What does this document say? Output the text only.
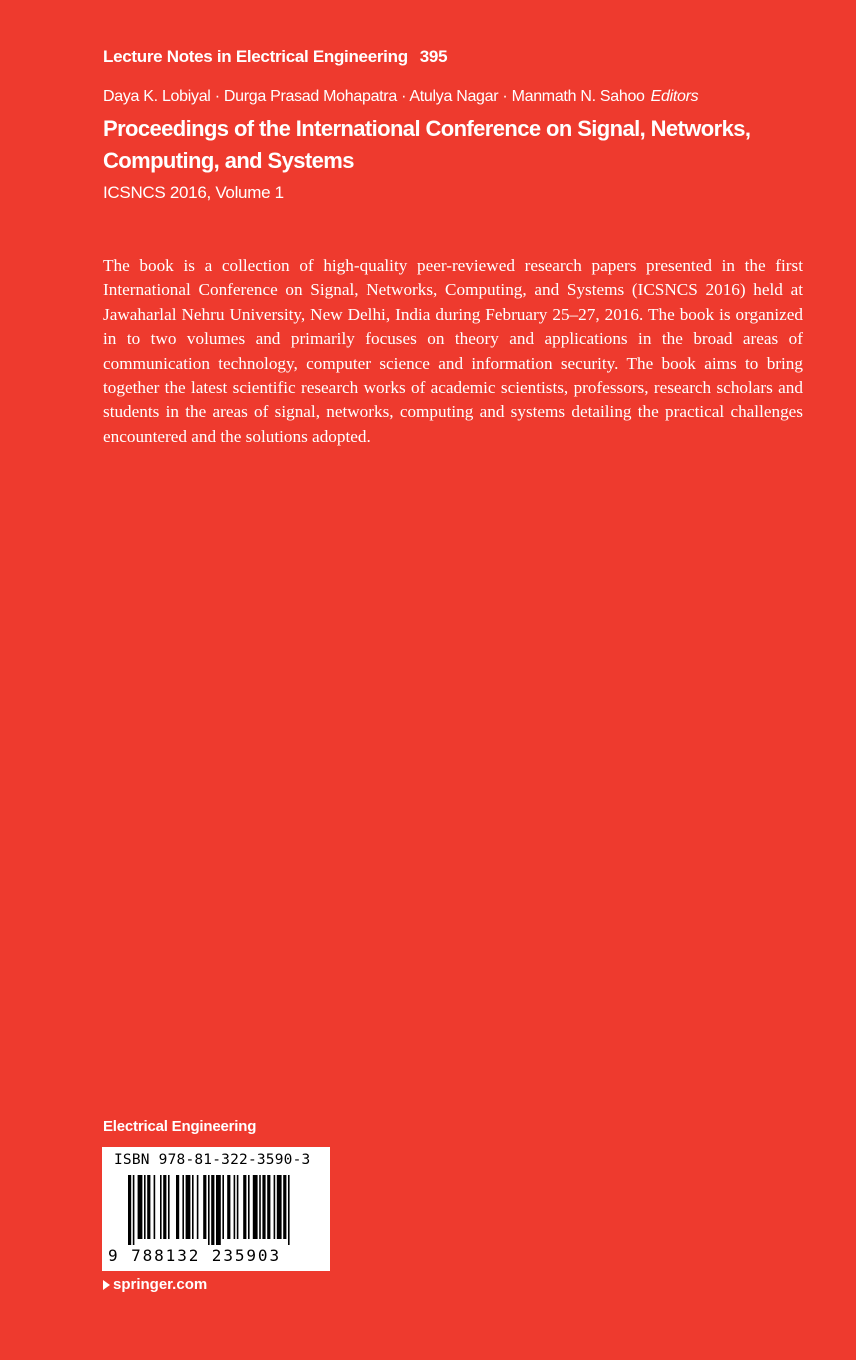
Lecture Notes in Electrical Engineering 395
Daya K. Lobiyal · Durga Prasad Mohapatra · Atulya Nagar · Manmath N. Sahoo Editors
Proceedings of the International Conference on Signal, Networks, Computing, and Systems
ICSNCS 2016, Volume 1
The book is a collection of high-quality peer-reviewed research papers presented in the first International Conference on Signal, Networks, Computing, and Systems (ICSNCS 2016) held at Jawaharlal Nehru University, New Delhi, India during February 25–27, 2016. The book is organized in to two volumes and primarily focuses on theory and applications in the broad areas of communication technology, computer science and information security. The book aims to bring together the latest scientific research works of academic scientists, professors, research scholars and students in the areas of signal, networks, computing and systems detailing the practical challenges encountered and the solutions adopted.
Electrical Engineering
ISBN 978-81-322-3590-3
9 788132 235903
springer.com
